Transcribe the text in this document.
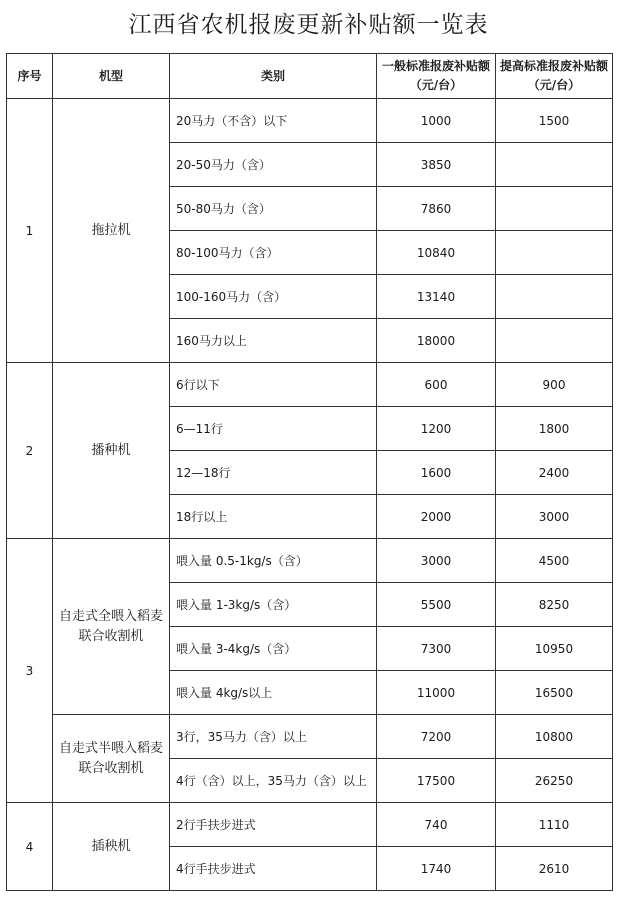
江西省农机报废更新补贴额一览表
序号	机型	类别	一般标准报废补贴额（元/台）	提高标准报废补贴额（元/台）
1	拖拉机	20马力（不含）以下	1000	1500
		20-50马力（含）	3850	
		50-80马力（含）	7860	
		80-100马力（含）	10840	
		100-160马力（含）	13140	
		160马力以上	18000	
2	播种机	6行以下	600	900
		6—11行	1200	1800
		12—18行	1600	2400
		18行以上	2000	3000
3	自走式全喂入稻麦联合收割机	喂入量 0.5-1kg/s（含）	3000	4500
		喂入量 1-3kg/s（含）	5500	8250
		喂入量 3-4kg/s（含）	7300	10950
		喂入量 4kg/s以上	11000	16500
	自走式半喂入稻麦联合收割机	3行，35马力（含）以上	7200	10800
		4行（含）以上，35马力（含）以上	17500	26250
4	插秧机	2行手扶步进式	740	1110
		4行手扶步进式	1740	2610
